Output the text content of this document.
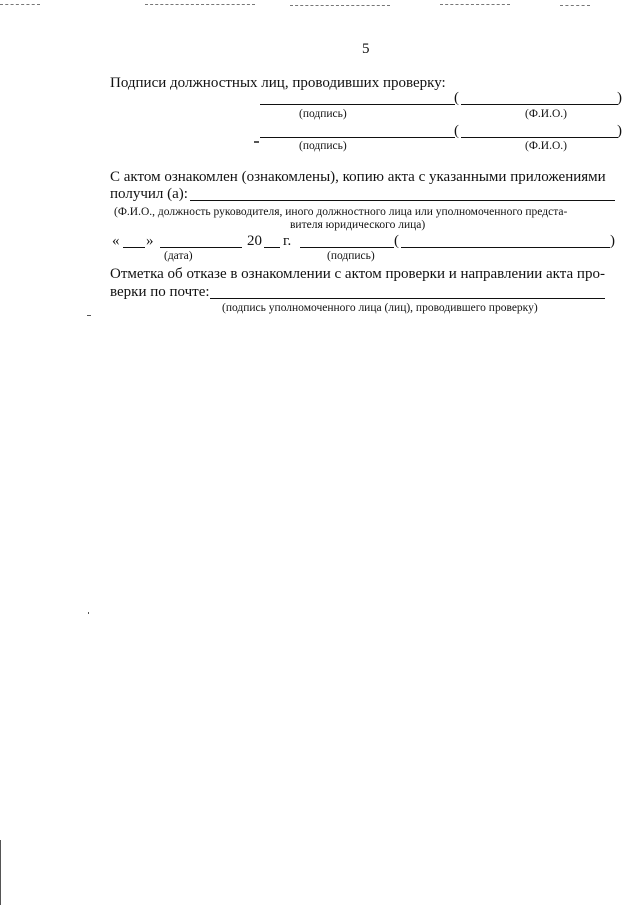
5
Подписи должностных лиц, проводивших проверку:
(	)
(подпись)	(Ф.И.О.)
(	)
(подпись)	(Ф.И.О.)
С актом ознакомлен (ознакомлены), копию акта с указанными приложениями
получил (а):
(Ф.И.О., должность руководителя, иного должностного лица или уполномоченного предста-
вителя юридического лица)
« »	20 г.	(	)
(дата)	(подпись)
Отметка об отказе в ознакомлении с актом проверки и направлении акта про-
верки по почте:
(подпись уполномоченного лица (лиц), проводившего проверку)
